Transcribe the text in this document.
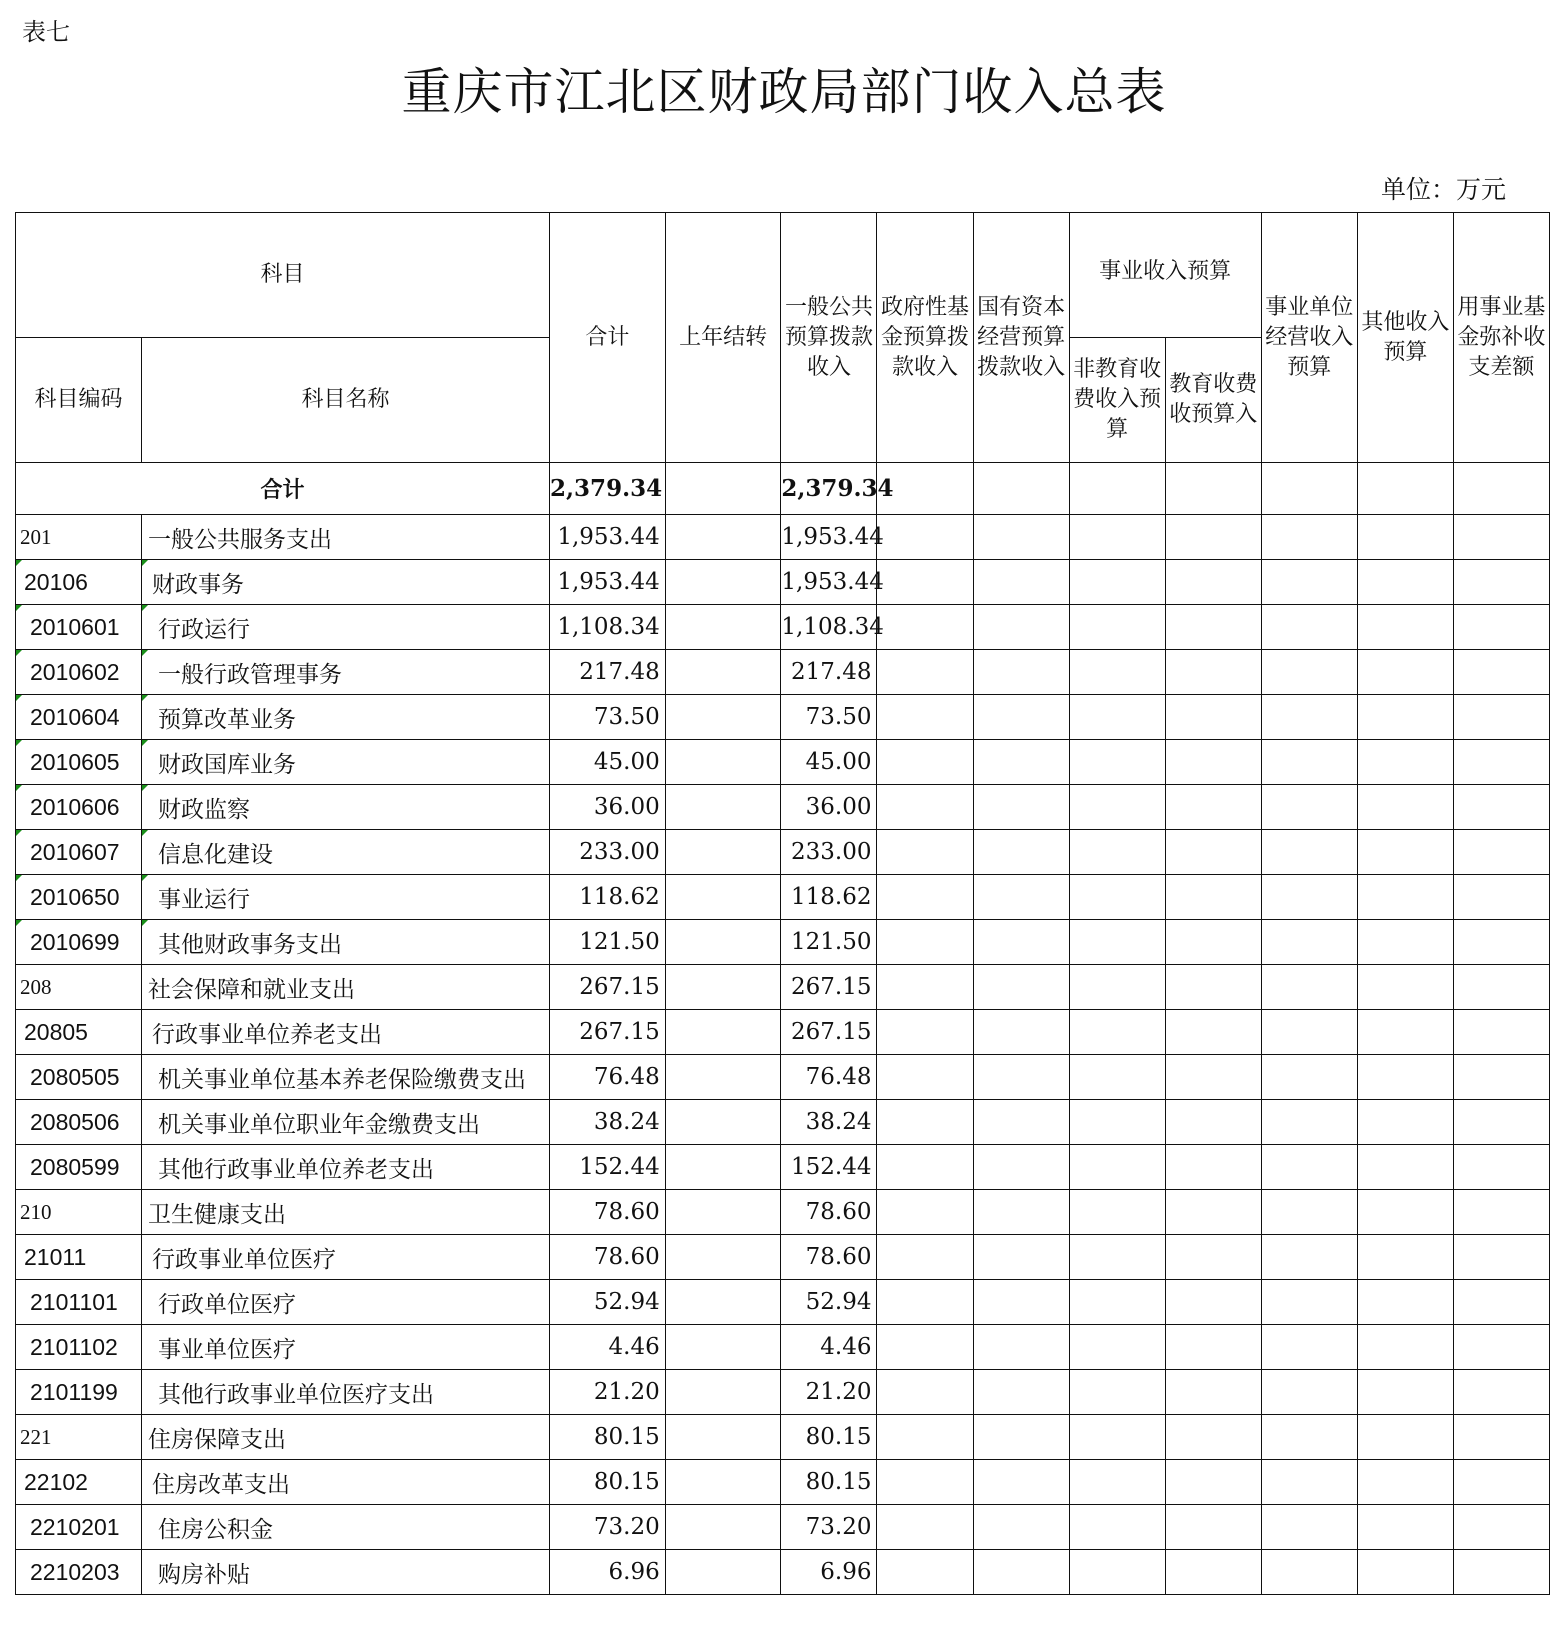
表七
重庆市江北区财政局部门收入总表
单位：万元
科目		合计	上年结转	一般公共预算拨款收入	政府性基金预算拨款收入	国有资本经营预算拨款收入	事业收入预算		事业单位经营收入预算	其他收入预算	用事业基金弥补收支差额
科目编码	科目名称						非教育收费收入预算	教育收费收预算入			
合计		2,379.34		2,379.34							
201	一般公共服务支出	1,953.44		1,953.44							
20106	财政事务	1,953.44		1,953.44							
2010601	行政运行	1,108.34		1,108.34							
2010602	一般行政管理事务	217.48		217.48							
2010604	预算改革业务	73.50		73.50							
2010605	财政国库业务	45.00		45.00							
2010606	财政监察	36.00		36.00							
2010607	信息化建设	233.00		233.00							
2010650	事业运行	118.62		118.62							
2010699	其他财政事务支出	121.50		121.50							
208	社会保障和就业支出	267.15		267.15							
20805	行政事业单位养老支出	267.15		267.15							
2080505	机关事业单位基本养老保险缴费支出	76.48		76.48							
2080506	机关事业单位职业年金缴费支出	38.24		38.24							
2080599	其他行政事业单位养老支出	152.44		152.44							
210	卫生健康支出	78.60		78.60							
21011	行政事业单位医疗	78.60		78.60							
2101101	行政单位医疗	52.94		52.94							
2101102	事业单位医疗	4.46		4.46							
2101199	其他行政事业单位医疗支出	21.20		21.20							
221	住房保障支出	80.15		80.15							
22102	住房改革支出	80.15		80.15							
2210201	住房公积金	73.20		73.20							
2210203	购房补贴	6.96		6.96							
